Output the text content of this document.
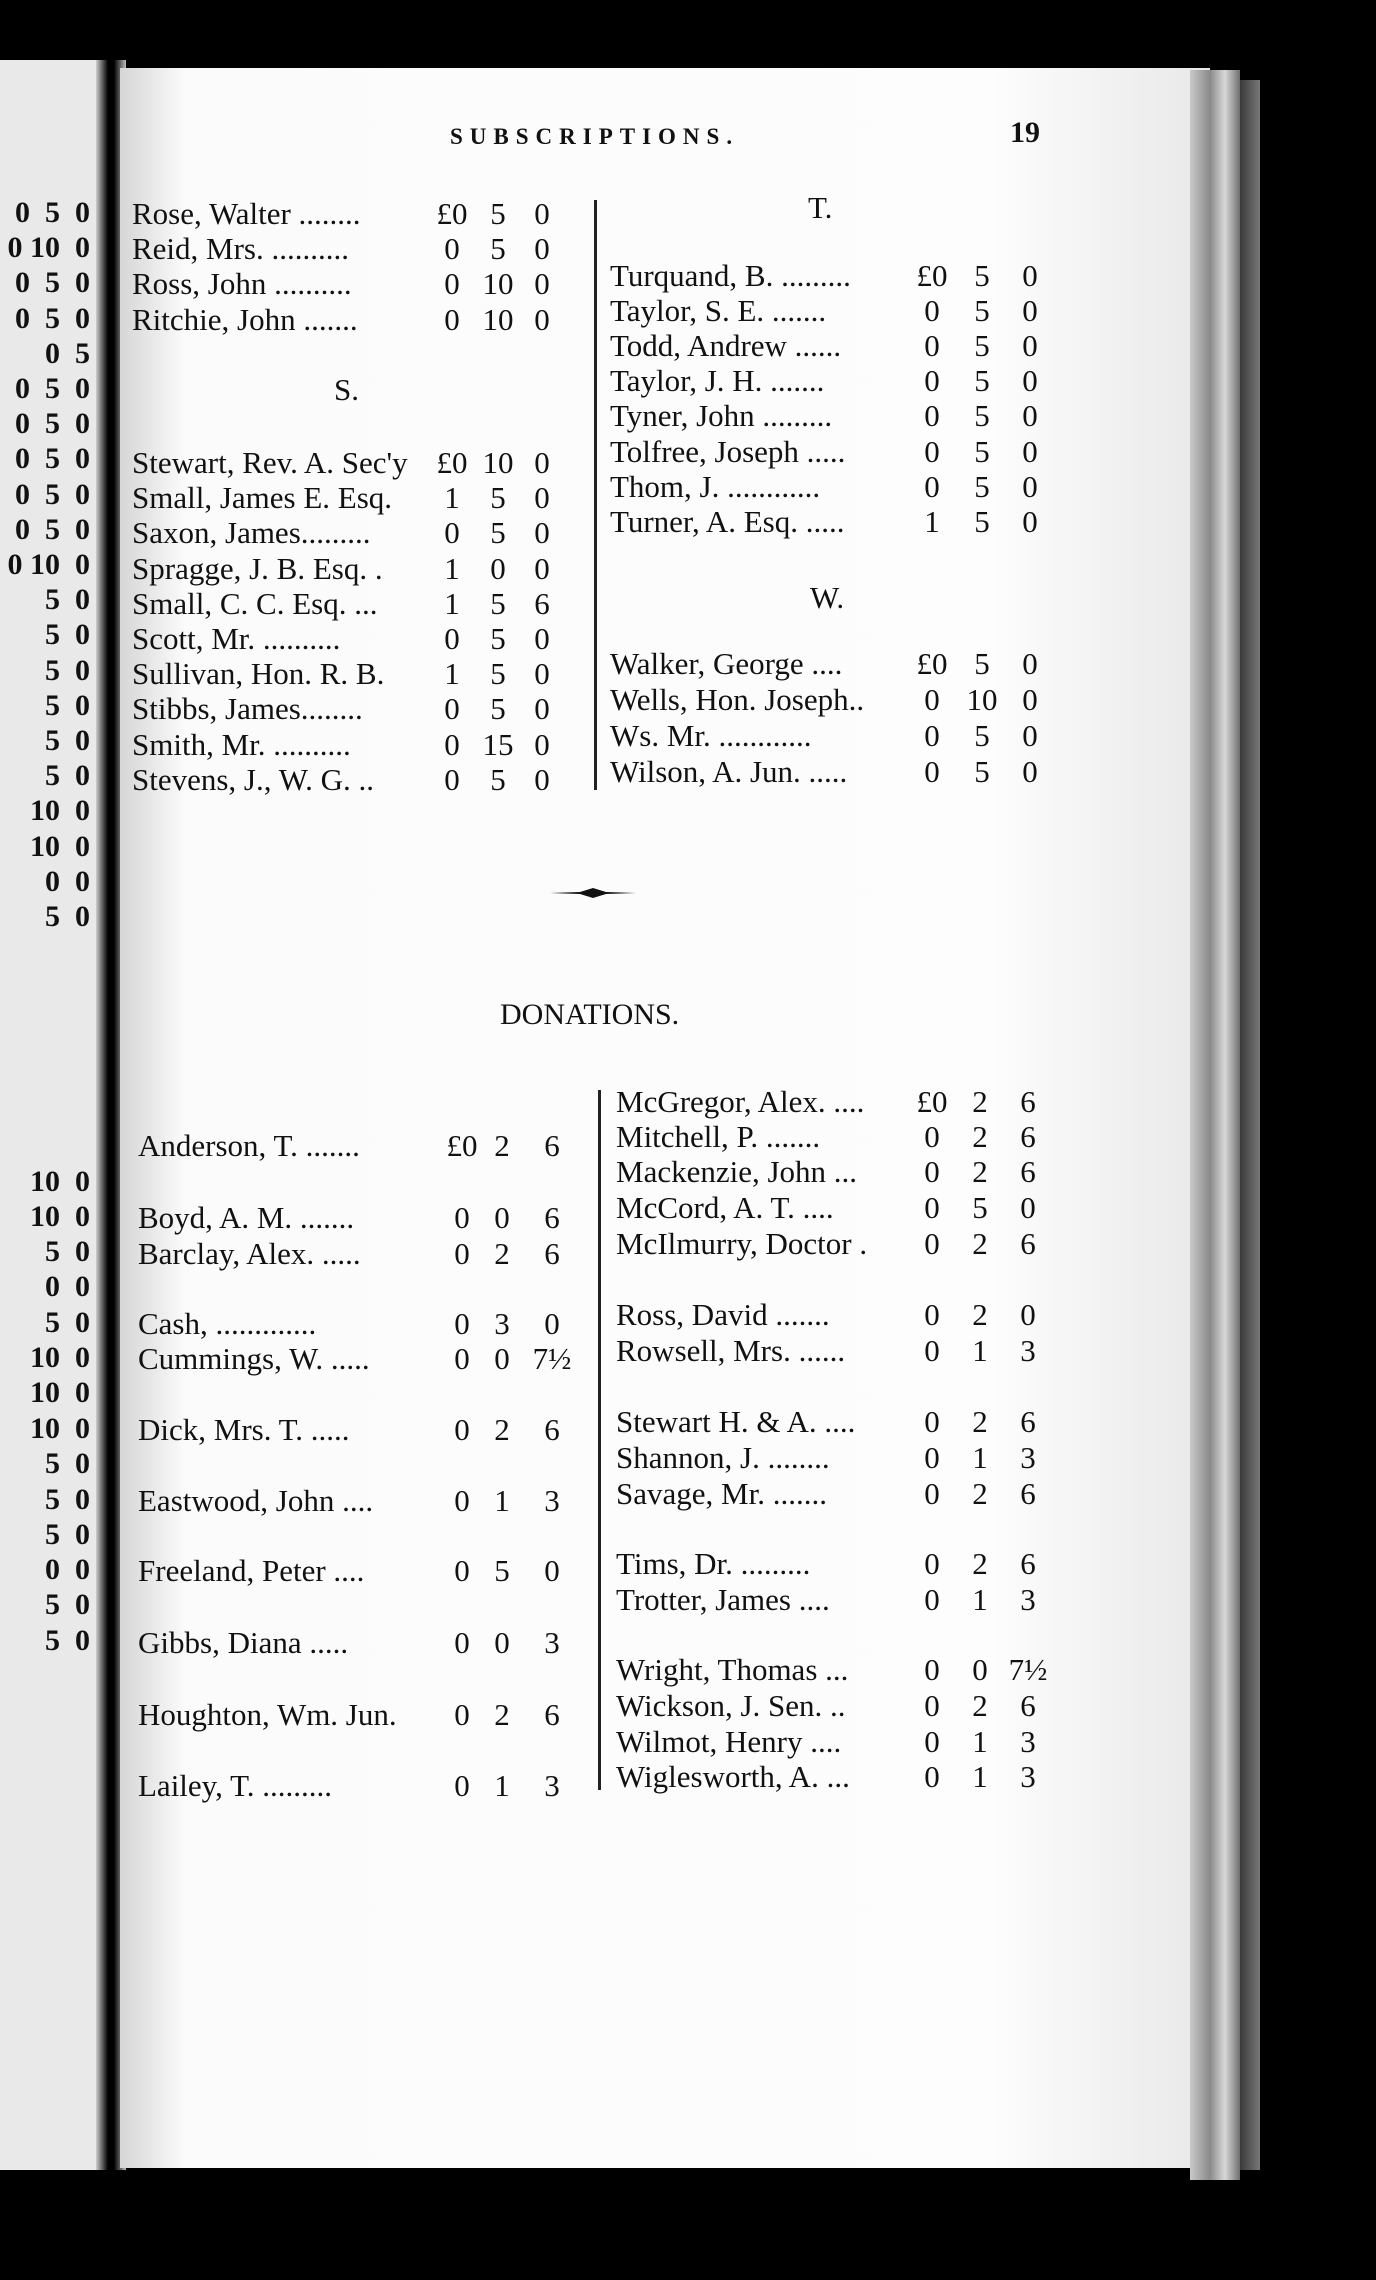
0  5  0
0 10  0
0  5  0
0  5  0
0  5
0  5  0
0  5  0
0  5  0
0  5  0
0  5  0
0 10  0
5  0
5  0
5  0
5  0
5  0
5  0
10  0
10  0
0  0
5  0
10  0
10  0
5  0
0  0
5  0
10  0
10  0
10  0
5  0
5  0
5  0
0  0
5  0
5  0
SUBSCRIPTIONS.	19
S.
T.
W.
DONATIONS.
Rose, Walter ........ £0 5 0
Reid, Mrs. ..........	0 5 0
Ross, John ..........	0 10 0
Ritchie, John .......	0 10 0
Stewart, Rev. A. Sec'y £0 10 0
Small, James E. Esq.	1 5 0
Saxon, James.........	0 5 0
Spragge, J. B. Esq. .	1 0 0
Small, C. C. Esq. ...	1 5 6
Scott, Mr. ..........	0 5 0
Sullivan, Hon. R. B.	1 5 0
Stibbs, James........	0 5 0
Smith, Mr. ..........	0 15 0
Stevens, J., W. G. ..	0 5 0
Turquand, B. ......... £0 5	0
Taylor, S. E. .......	0	5	0
Todd, Andrew ......	0	5	0
Taylor, J. H. .......	0	5	0
Tyner, John .........	0	5	0
Tolfree, Joseph .....	0	5	0
Thom, J. ............	0	5	0
Turner, A. Esq. .....	1	5	0
Walker, George .... £0 5	0
Wells, Hon. Joseph..	0 10 0
Ws. Mr. ............	0	5	0
Wilson, A. Jun. .....	0	5	0
Anderson, T. .......	£0 2	6
Boyd, A. M. .......	0 0	6
Barclay, Alex. .....	0 2	6
Cash, .............	0 3	0
Cummings, W. .....	0 0 7½
Dick, Mrs. T. .....	0 2	6
Eastwood, John ....	0 1	3
Freeland, Peter ....	0 5	0
Gibbs, Diana .....	0 0	3
Houghton, Wm. Jun.	0 2	6
Lailey, T. .........	0 1	3
McGregor, Alex. .... £0 2	6
Mitchell, P. .......	0	2	6
Mackenzie, John ...	0	2	6
McCord, A. T. ....	0	5	0
McIlmurry, Doctor .	0	2	6
Ross, David .......	0	2	0
Rowsell, Mrs. ......	0	1	3
Stewart H. & A. ....	0	2	6
Shannon, J. ........	0	1	3
Savage, Mr. .......	0	2	6
Tims, Dr. .........	0	2	6
Trotter, James ....	0	1	3
Wright, Thomas ...	0	0 7½
Wickson, J. Sen. ..	0	2	6
Wilmot, Henry ....	0	1	3
Wiglesworth, A. ...	0	1	3
